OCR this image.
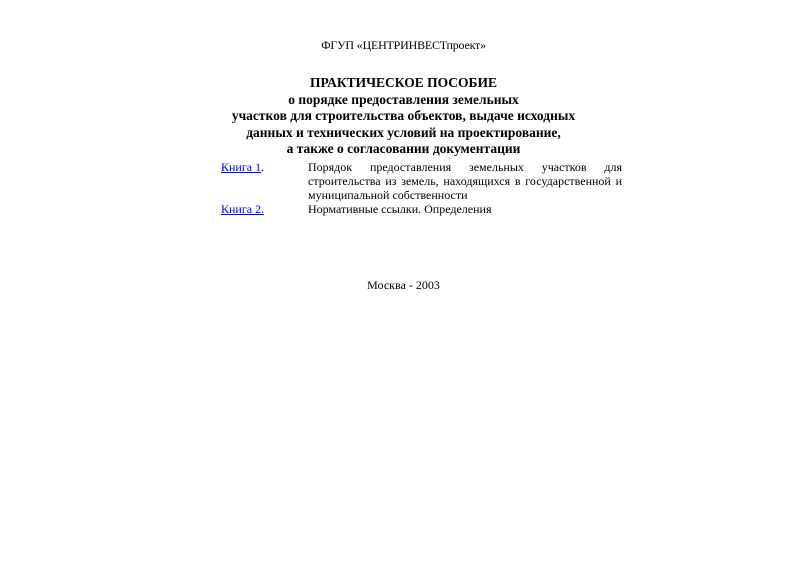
ФГУП «ЦЕНТРИНВЕСТпроект»
ПРАКТИЧЕСКОЕ ПОСОБИЕ
о порядке предоставления земельных
участков для строительства объектов, выдаче исходных
данных и технических условий на проектирование,
а также о согласовании документации
Книга 1.	Порядок предоставления земельных участков для строительства из земель, находящихся в государственной и муниципальной собственности
Книга 2.	Нормативные ссылки. Определения
Москва - 2003
